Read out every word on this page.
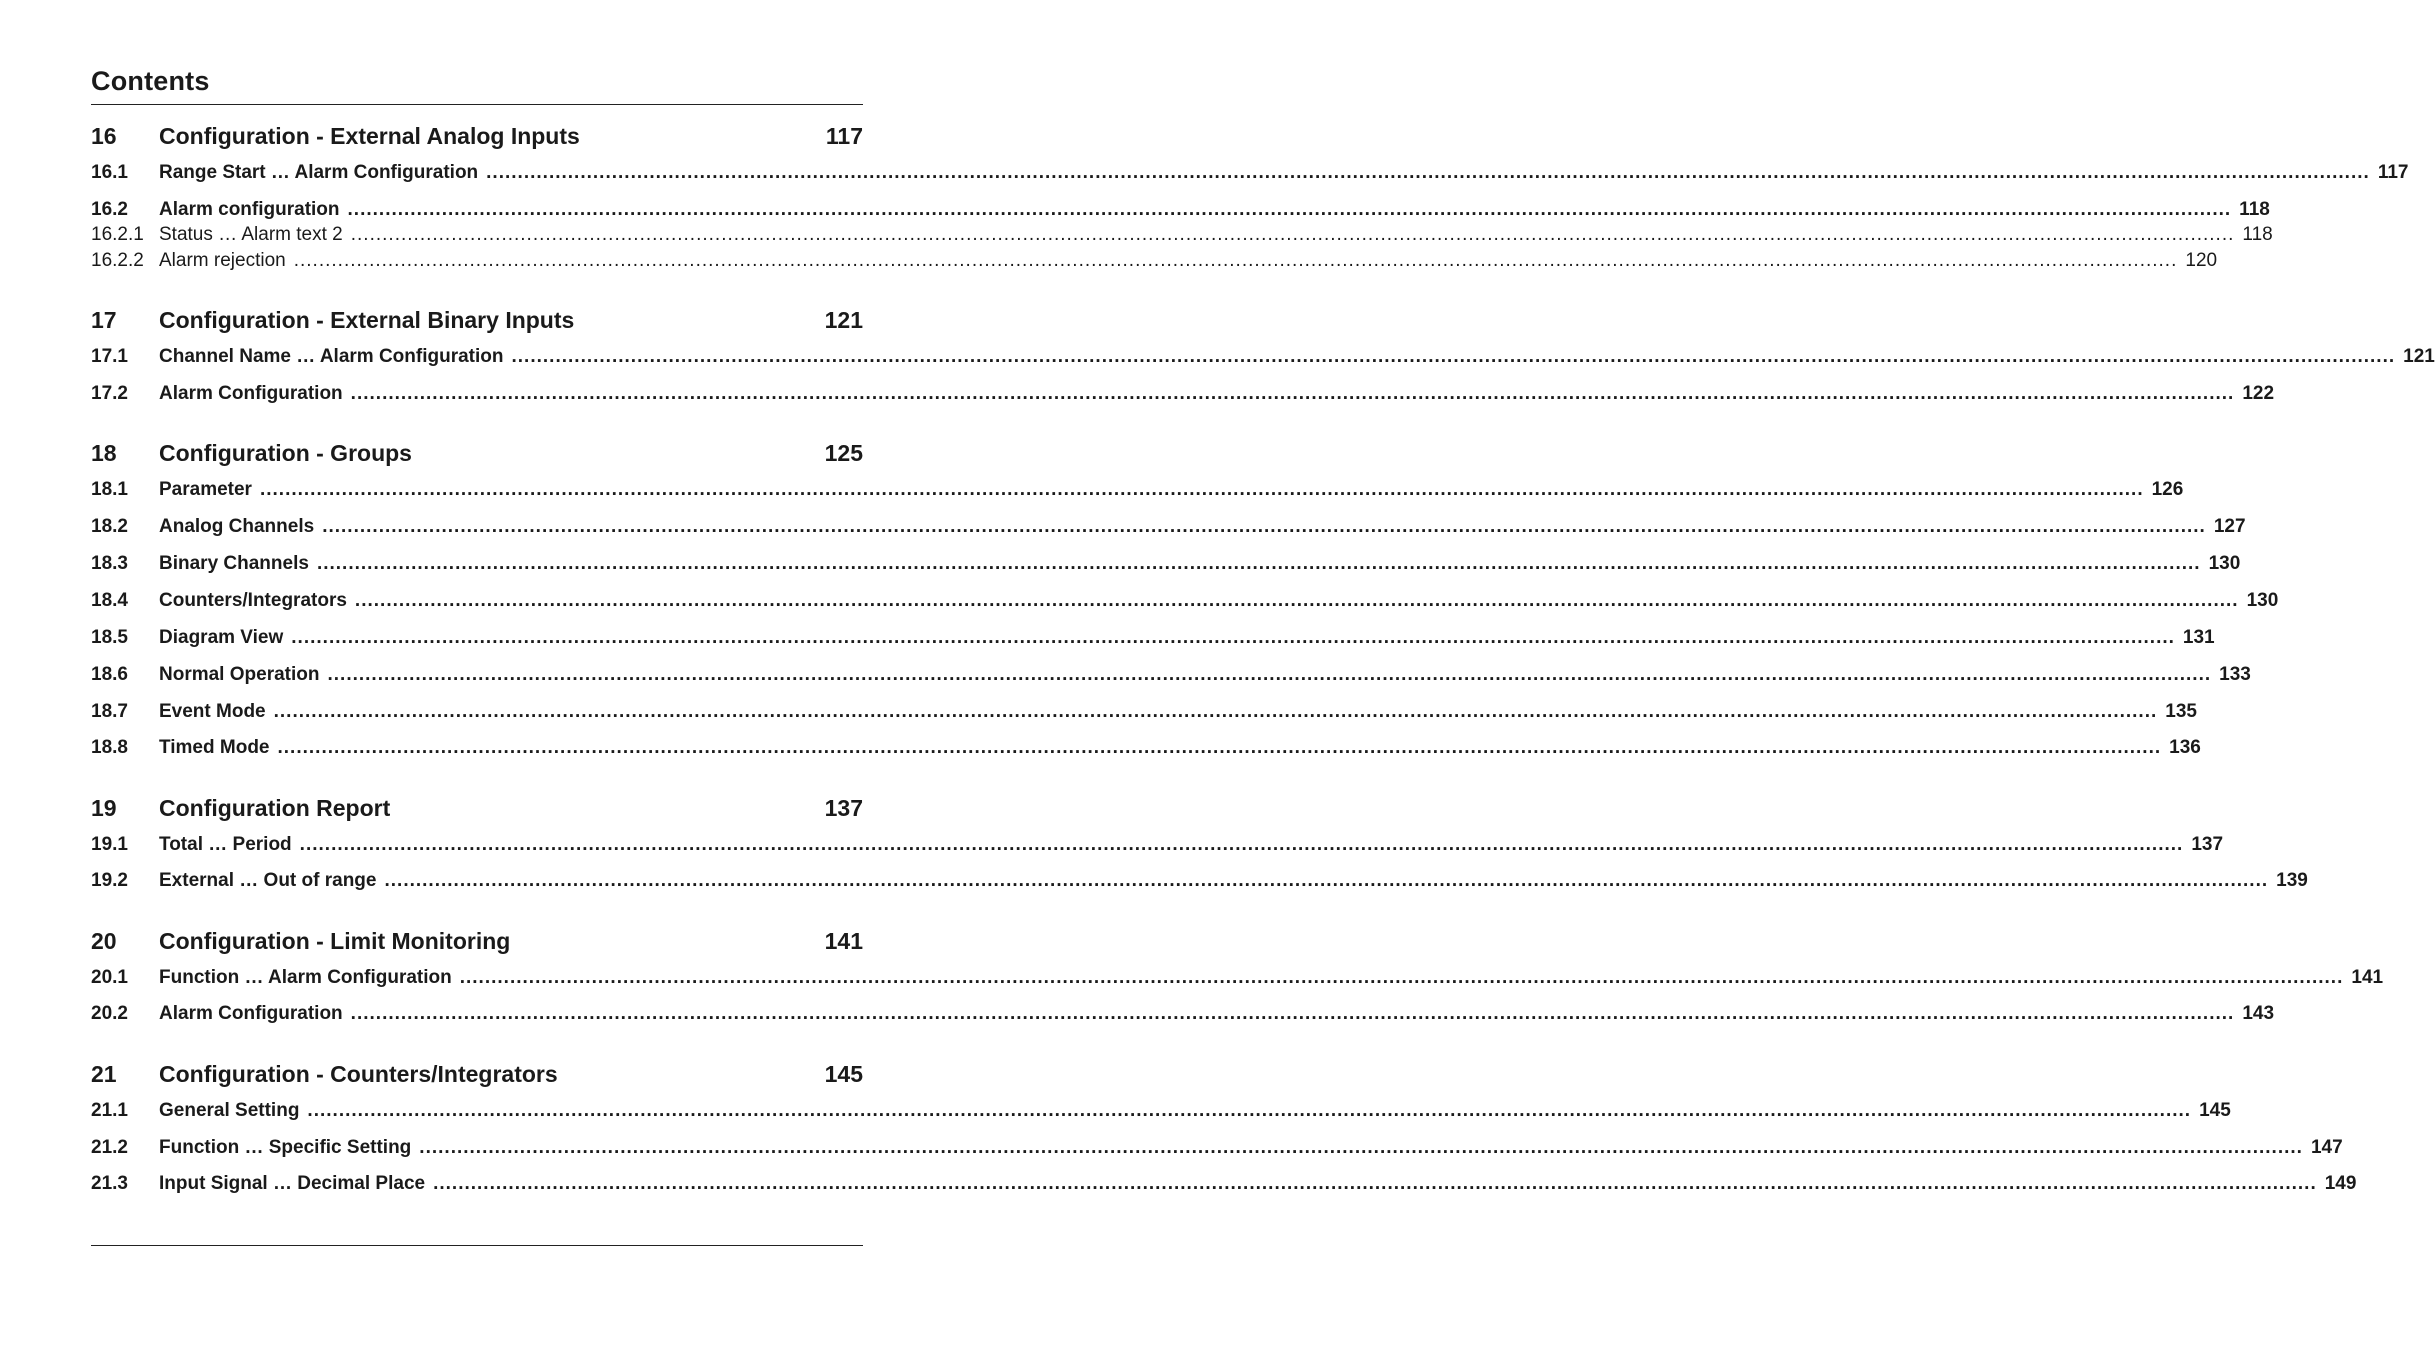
Contents
16	Configuration - External Analog Inputs	117
16.1	Range Start … Alarm Configuration ............................................................................................................................................................................................................................................................................................................ 117
16.2	Alarm configuration ............................................................................................................................................................................................................................................................................................................ 118
16.2.1 Status … Alarm text 2 ............................................................................................................................................................................................................................................................................................................ 118
16.2.2 Alarm rejection ............................................................................................................................................................................................................................................................................................................ 120
17	Configuration - External Binary Inputs	121
17.1	Channel Name … Alarm Configuration ............................................................................................................................................................................................................................................................................................................ 121
17.2	Alarm Configuration ............................................................................................................................................................................................................................................................................................................ 122
18	Configuration - Groups	125
18.1	Parameter ............................................................................................................................................................................................................................................................................................................ 126
18.2	Analog Channels ............................................................................................................................................................................................................................................................................................................ 127
18.3	Binary Channels ............................................................................................................................................................................................................................................................................................................ 130
18.4	Counters/Integrators ............................................................................................................................................................................................................................................................................................................ 130
18.5	Diagram View ............................................................................................................................................................................................................................................................................................................ 131
18.6	Normal Operation ............................................................................................................................................................................................................................................................................................................ 133
18.7	Event Mode ............................................................................................................................................................................................................................................................................................................ 135
18.8	Timed Mode ............................................................................................................................................................................................................................................................................................................ 136
19	Configuration Report	137
19.1	Total … Period ............................................................................................................................................................................................................................................................................................................ 137
19.2	External … Out of range ............................................................................................................................................................................................................................................................................................................ 139
20	Configuration - Limit Monitoring	141
20.1	Function … Alarm Configuration ............................................................................................................................................................................................................................................................................................................ 141
20.2	Alarm Configuration ............................................................................................................................................................................................................................................................................................................ 143
21	Configuration - Counters/Integrators	145
21.1	General Setting ............................................................................................................................................................................................................................................................................................................ 145
21.2	Function … Specific Setting ............................................................................................................................................................................................................................................................................................................ 147
21.3	Input Signal … Decimal Place ............................................................................................................................................................................................................................................................................................................ 149
